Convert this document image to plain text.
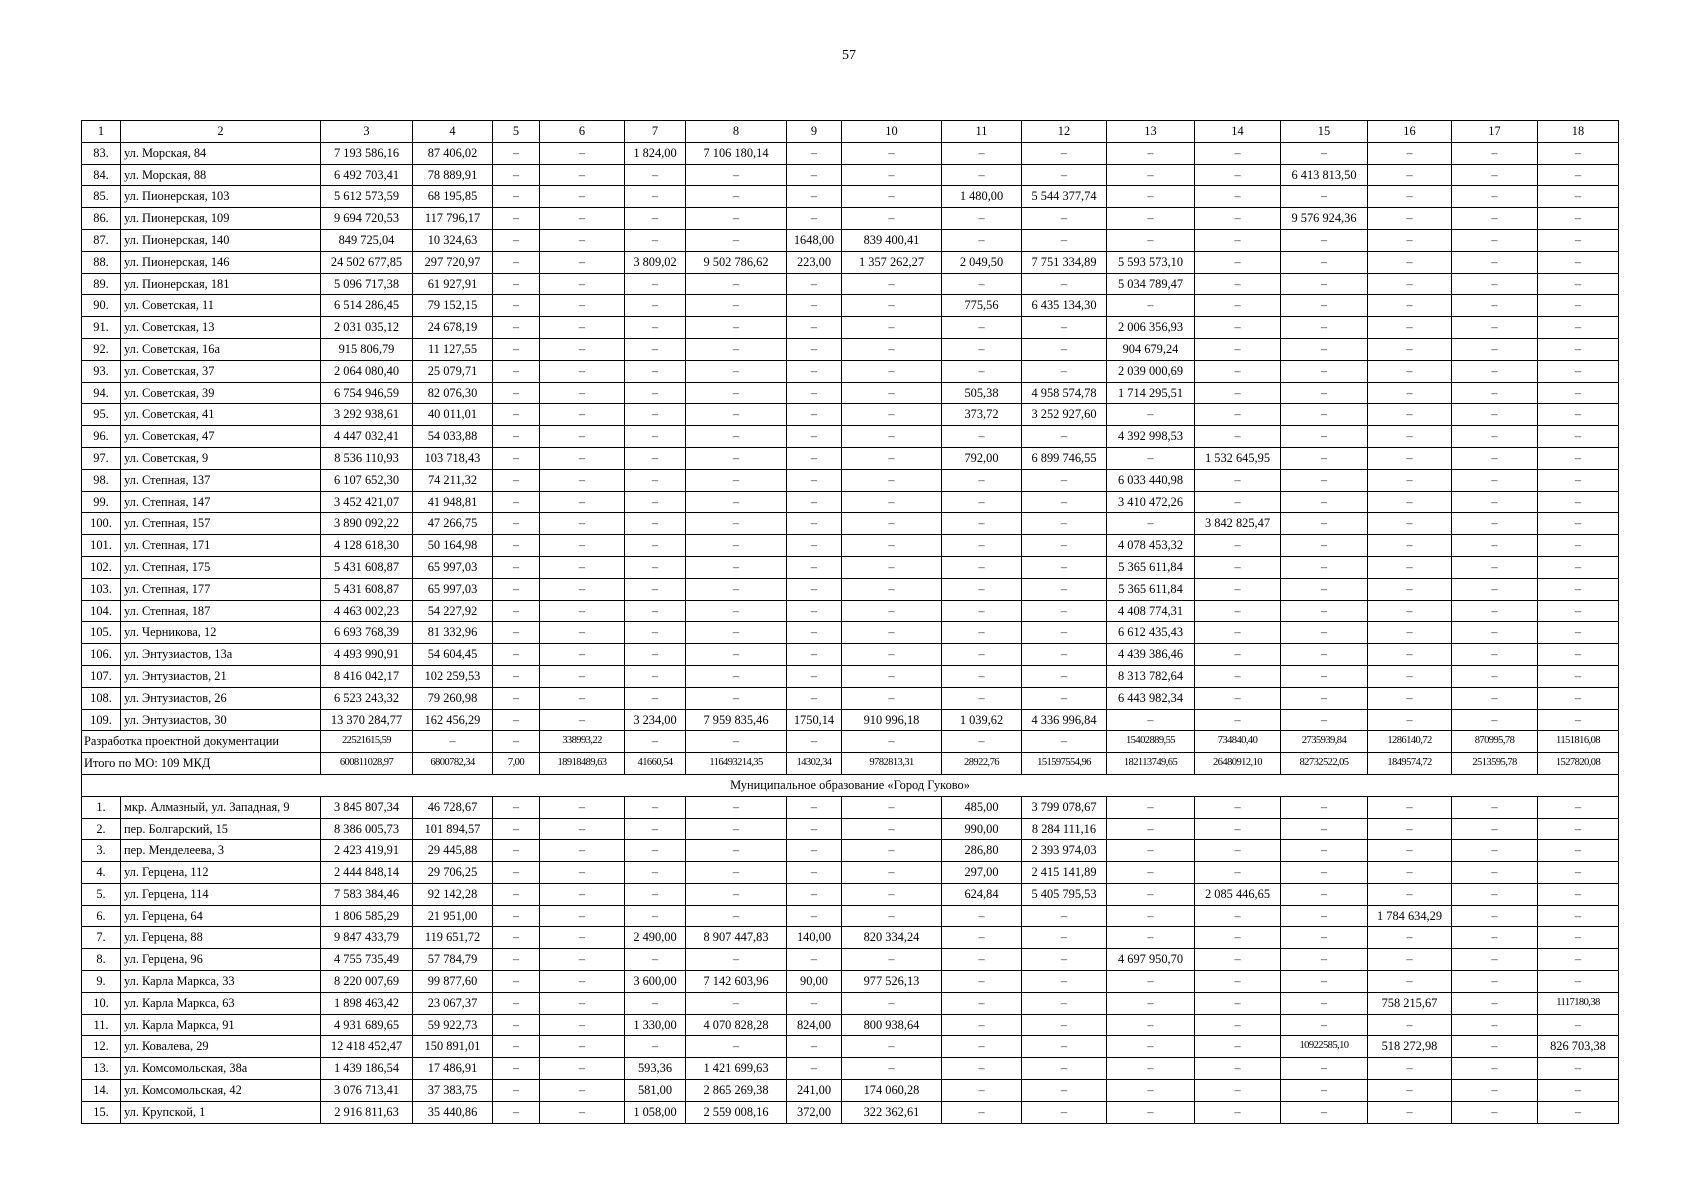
57
1	2	3	4	5	6	7	8	9	10	11	12	13	14	15	16	17	18
83.	ул. Морская, 84	7 193 586,16	87 406,02	–	–	1 824,00	7 106 180,14	–	–	–	–	–	–	–	–	–	–
84.	ул. Морская, 88	6 492 703,41	78 889,91	–	–	–	–	–	–	–	–	–	–	6 413 813,50	–	–	–
85.	ул. Пионерская, 103	5 612 573,59	68 195,85	–	–	–	–	–	–	1 480,00	5 544 377,74	–	–	–	–	–	–
86.	ул. Пионерская, 109	9 694 720,53	117 796,17	–	–	–	–	–	–	–	–	–	–	9 576 924,36	–	–	–
87.	ул. Пионерская, 140	849 725,04	10 324,63	–	–	–	–	1648,00	839 400,41	–	–	–	–	–	–	–	–
88.	ул. Пионерская, 146	24 502 677,85	297 720,97	–	–	3 809,02	9 502 786,62	223,00	1 357 262,27	2 049,50	7 751 334,89	5 593 573,10	–	–	–	–	–
89.	ул. Пионерская, 181	5 096 717,38	61 927,91	–	–	–	–	–	–	–	–	5 034 789,47	–	–	–	–	–
90.	ул. Советская, 11	6 514 286,45	79 152,15	–	–	–	–	–	–	775,56	6 435 134,30	–	–	–	–	–	–
91.	ул. Советская, 13	2 031 035,12	24 678,19	–	–	–	–	–	–	–	–	2 006 356,93	–	–	–	–	–
92.	ул. Советская, 16а	915 806,79	11 127,55	–	–	–	–	–	–	–	–	904 679,24	–	–	–	–	–
93.	ул. Советская, 37	2 064 080,40	25 079,71	–	–	–	–	–	–	–	–	2 039 000,69	–	–	–	–	–
94.	ул. Советская, 39	6 754 946,59	82 076,30	–	–	–	–	–	–	505,38	4 958 574,78	1 714 295,51	–	–	–	–	–
95.	ул. Советская, 41	3 292 938,61	40 011,01	–	–	–	–	–	–	373,72	3 252 927,60	–	–	–	–	–	–
96.	ул. Советская, 47	4 447 032,41	54 033,88	–	–	–	–	–	–	–	–	4 392 998,53	–	–	–	–	–
97.	ул. Советская, 9	8 536 110,93	103 718,43	–	–	–	–	–	–	792,00	6 899 746,55	–	1 532 645,95	–	–	–	–
98.	ул. Степная, 137	6 107 652,30	74 211,32	–	–	–	–	–	–	–	–	6 033 440,98	–	–	–	–	–
99.	ул. Степная, 147	3 452 421,07	41 948,81	–	–	–	–	–	–	–	–	3 410 472,26	–	–	–	–	–
100.	ул. Степная, 157	3 890 092,22	47 266,75	–	–	–	–	–	–	–	–	–	3 842 825,47	–	–	–	–
101.	ул. Степная, 171	4 128 618,30	50 164,98	–	–	–	–	–	–	–	–	4 078 453,32	–	–	–	–	–
102.	ул. Степная, 175	5 431 608,87	65 997,03	–	–	–	–	–	–	–	–	5 365 611,84	–	–	–	–	–
103.	ул. Степная, 177	5 431 608,87	65 997,03	–	–	–	–	–	–	–	–	5 365 611,84	–	–	–	–	–
104.	ул. Степная, 187	4 463 002,23	54 227,92	–	–	–	–	–	–	–	–	4 408 774,31	–	–	–	–	–
105.	ул. Черникова, 12	6 693 768,39	81 332,96	–	–	–	–	–	–	–	–	6 612 435,43	–	–	–	–	–
106.	ул. Энтузиастов, 13а	4 493 990,91	54 604,45	–	–	–	–	–	–	–	–	4 439 386,46	–	–	–	–	–
107.	ул. Энтузиастов, 21	8 416 042,17	102 259,53	–	–	–	–	–	–	–	–	8 313 782,64	–	–	–	–	–
108.	ул. Энтузиастов, 26	6 523 243,32	79 260,98	–	–	–	–	–	–	–	–	6 443 982,34	–	–	–	–	–
109.	ул. Энтузиастов, 30	13 370 284,77	162 456,29	–	–	3 234,00	7 959 835,46	1750,14	910 996,18	1 039,62	4 336 996,84	–	–	–	–	–	–
Разработка проектной документации		22521615,59	–	–	338993,22	–	–	–	–	–	–	15402889,55	734840,40	2735939,84	1286140,72	870995,78	1151816,08
Итого по МО: 109 МКД		600811028,97	6800782,34	7,00	18918489,63	41660,54	116493214,35	14302,34	9782813,31	28922,76	151597554,96	182113749,65	26480912,10	82732522,05	1849574,72	2513595,78	1527820,08
Муниципальное образование «Город Гуково»																	
1.	мкр. Алмазный, ул. Западная, 9	3 845 807,34	46 728,67	–	–	–	–	–	–	485,00	3 799 078,67	–	–	–	–	–	–
2.	пер. Болгарский, 15	8 386 005,73	101 894,57	–	–	–	–	–	–	990,00	8 284 111,16	–	–	–	–	–	–
3.	пер. Менделеева, 3	2 423 419,91	29 445,88	–	–	–	–	–	–	286,80	2 393 974,03	–	–	–	–	–	–
4.	ул. Герцена, 112	2 444 848,14	29 706,25	–	–	–	–	–	–	297,00	2 415 141,89	–	–	–	–	–	–
5.	ул. Герцена, 114	7 583 384,46	92 142,28	–	–	–	–	–	–	624,84	5 405 795,53	–	2 085 446,65	–	–	–	–
6.	ул. Герцена, 64	1 806 585,29	21 951,00	–	–	–	–	–	–	–	–	–	–	–	1 784 634,29	–	–
7.	ул. Герцена, 88	9 847 433,79	119 651,72	–	–	2 490,00	8 907 447,83	140,00	820 334,24	–	–	–	–	–	–	–	–
8.	ул. Герцена, 96	4 755 735,49	57 784,79	–	–	–	–	–	–	–	–	4 697 950,70	–	–	–	–	–
9.	ул. Карла Маркса, 33	8 220 007,69	99 877,60	–	–	3 600,00	7 142 603,96	90,00	977 526,13	–	–	–	–	–	–	–	–
10.	ул. Карла Маркса, 63	1 898 463,42	23 067,37	–	–	–	–	–	–	–	–	–	–	–	758 215,67	–	1117180,38
11.	ул. Карла Маркса, 91	4 931 689,65	59 922,73	–	–	1 330,00	4 070 828,28	824,00	800 938,64	–	–	–	–	–	–	–	–
12.	ул. Ковалева, 29	12 418 452,47	150 891,01	–	–	–	–	–	–	–	–	–	–	10922585,10	518 272,98	–	826 703,38
13.	ул. Комсомольская, 38а	1 439 186,54	17 486,91	–	–	593,36	1 421 699,63	–	–	–	–	–	–	–	–	–	–
14.	ул. Комсомольская, 42	3 076 713,41	37 383,75	–	–	581,00	2 865 269,38	241,00	174 060,28	–	–	–	–	–	–	–	–
15.	ул. Крупской, 1	2 916 811,63	35 440,86	–	–	1 058,00	2 559 008,16	372,00	322 362,61	–	–	–	–	–	–	–	–
